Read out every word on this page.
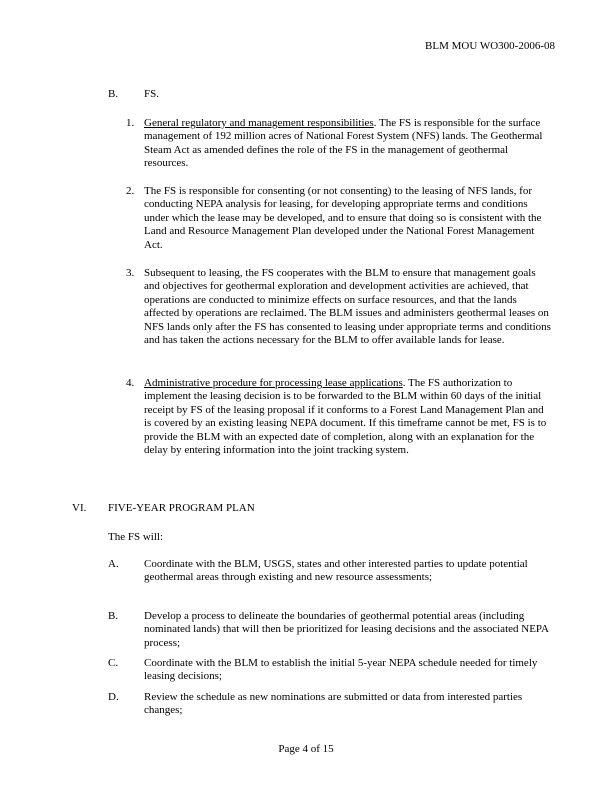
BLM MOU WO300-2006-08
B. FS.
1. General regulatory and management responsibilities. The FS is responsible for the surface management of 192 million acres of National Forest System (NFS) lands. The Geothermal Steam Act as amended defines the role of the FS in the management of geothermal resources.
2. The FS is responsible for consenting (or not consenting) to the leasing of NFS lands, for conducting NEPA analysis for leasing, for developing appropriate terms and conditions under which the lease may be developed, and to ensure that doing so is consistent with the Land and Resource Management Plan developed under the National Forest Management Act.
3. Subsequent to leasing, the FS cooperates with the BLM to ensure that management goals and objectives for geothermal exploration and development activities are achieved, that operations are conducted to minimize effects on surface resources, and that the lands affected by operations are reclaimed. The BLM issues and administers geothermal leases on NFS lands only after the FS has consented to leasing under appropriate terms and conditions and has taken the actions necessary for the BLM to offer available lands for lease.
4. Administrative procedure for processing lease applications. The FS authorization to implement the leasing decision is to be forwarded to the BLM within 60 days of the initial receipt by FS of the leasing proposal if it conforms to a Forest Land Management Plan and is covered by an existing leasing NEPA document. If this timeframe cannot be met, FS is to provide the BLM with an expected date of completion, along with an explanation for the delay by entering information into the joint tracking system.
VI. FIVE-YEAR PROGRAM PLAN
The FS will:
A. Coordinate with the BLM, USGS, states and other interested parties to update potential geothermal areas through existing and new resource assessments;
B. Develop a process to delineate the boundaries of geothermal potential areas (including nominated lands) that will then be prioritized for leasing decisions and the associated NEPA process;
C. Coordinate with the BLM to establish the initial 5-year NEPA schedule needed for timely leasing decisions;
D. Review the schedule as new nominations are submitted or data from interested parties changes;
Page 4 of 15
